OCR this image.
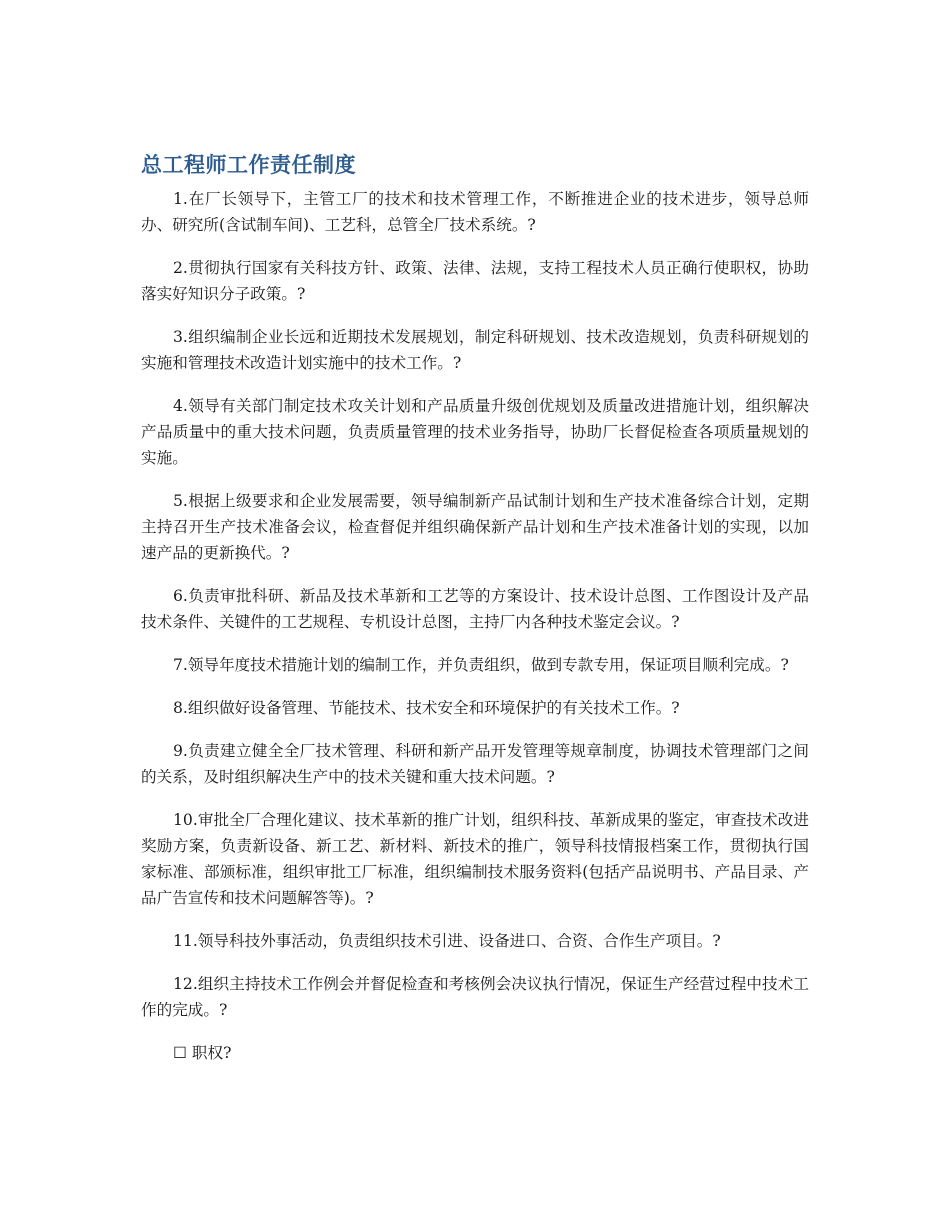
总工程师工作责任制度

1.在厂长领导下，主管工厂的技术和技术管理工作，不断推进企业的技术进步，领导总师办、研究所(含试制车间)、工艺科，总管全厂技术系统。?

2.贯彻执行国家有关科技方针、政策、法律、法规，支持工程技术人员正确行使职权，协助落实好知识分子政策。?

3.组织编制企业长远和近期技术发展规划，制定科研规划、技术改造规划，负责科研规划的实施和管理技术改造计划实施中的技术工作。?

4.领导有关部门制定技术攻关计划和产品质量升级创优规划及质量改进措施计划，组织解决产品质量中的重大技术问题，负责质量管理的技术业务指导，协助厂长督促检查各项质量规划的实施。

5.根据上级要求和企业发展需要，领导编制新产品试制计划和生产技术准备综合计划，定期主持召开生产技术准备会议，检查督促并组织确保新产品计划和生产技术准备计划的实现，以加速产品的更新换代。?

6.负责审批科研、新品及技术革新和工艺等的方案设计、技术设计总图、工作图设计及产品技术条件、关键件的工艺规程、专机设计总图，主持厂内各种技术鉴定会议。?

7.领导年度技术措施计划的编制工作，并负责组织，做到专款专用，保证项目顺利完成。?

8.组织做好设备管理、节能技术、技术安全和环境保护的有关技术工作。?

9.负责建立健全全厂技术管理、科研和新产品开发管理等规章制度，协调技术管理部门之间的关系，及时组织解决生产中的技术关键和重大技术问题。?

10.审批全厂合理化建议、技术革新的推广计划，组织科技、革新成果的鉴定，审查技术改进奖励方案，负责新设备、新工艺、新材料、新技术的推广，领导科技情报档案工作，贯彻执行国家标准、部颁标准，组织审批工厂标准，组织编制技术服务资料(包括产品说明书、产品目录、产品广告宣传和技术问题解答等)。?

11.领导科技外事活动，负责组织技术引进、设备进口、合资、合作生产项目。?

12.组织主持技术工作例会并督促检查和考核例会决议执行情况，保证生产经营过程中技术工作的完成。?

☐ 职权?
